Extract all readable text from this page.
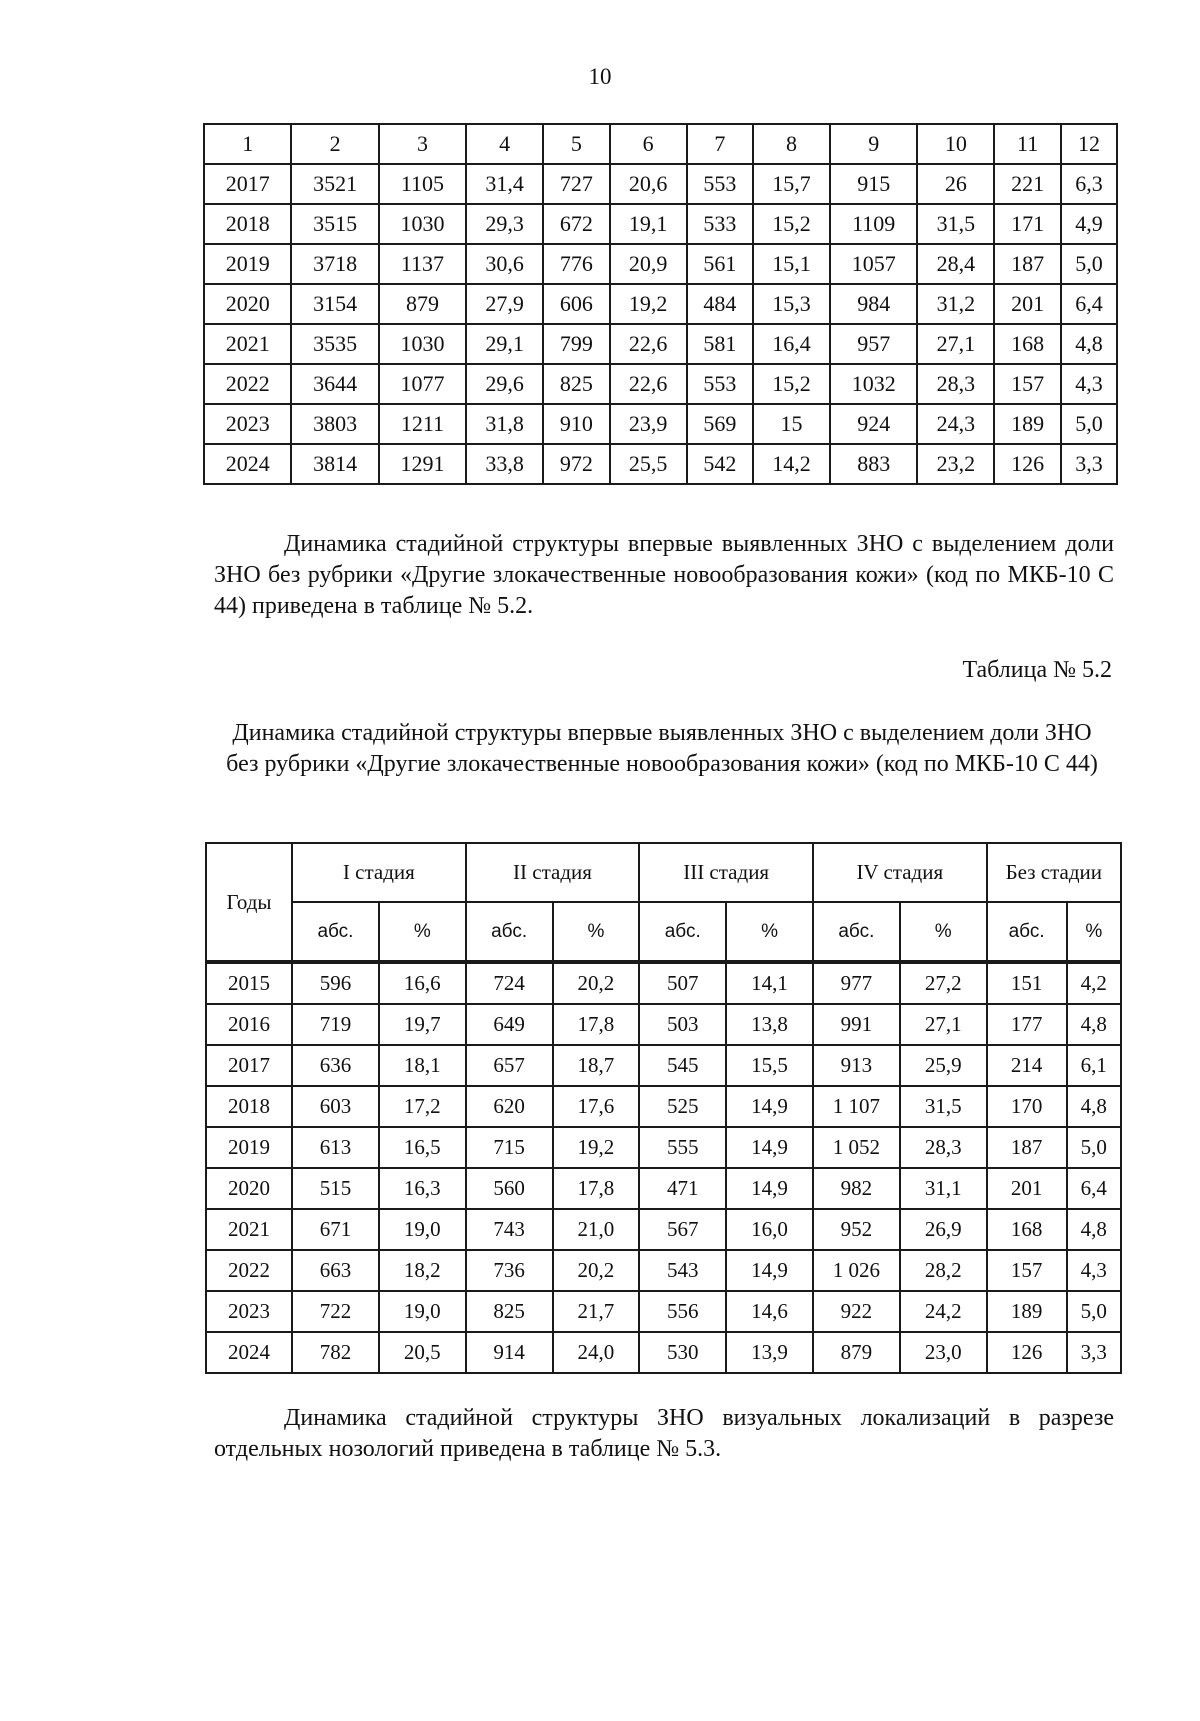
10
1	2	3	4	5	6	7	8	9	10	11	12
2017	3521	1105	31,4	727	20,6	553	15,7	915	26	221	6,3
2018	3515	1030	29,3	672	19,1	533	15,2	1109	31,5	171	4,9
2019	3718	1137	30,6	776	20,9	561	15,1	1057	28,4	187	5,0
2020	3154	879	27,9	606	19,2	484	15,3	984	31,2	201	6,4
2021	3535	1030	29,1	799	22,6	581	16,4	957	27,1	168	4,8
2022	3644	1077	29,6	825	22,6	553	15,2	1032	28,3	157	4,3
2023	3803	1211	31,8	910	23,9	569	15	924	24,3	189	5,0
2024	3814	1291	33,8	972	25,5	542	14,2	883	23,2	126	3,3

Динамика стадийной структуры впервые выявленных ЗНО с выделением доли ЗНО без рубрики «Другие злокачественные новообразования кожи» (код по МКБ-10 С 44) приведена в таблице № 5.2.

Таблица № 5.2

Динамика стадийной структуры впервые выявленных ЗНО с выделением доли ЗНО без рубрики «Другие злокачественные новообразования кожи» (код по МКБ-10 С 44)

Годы	I стадия		II стадия		III стадия		IV стадия		Без стадии	
	абс.	%	абс.	%	абс.	%	абс.	%	абс.	%
2015	596	16,6	724	20,2	507	14,1	977	27,2	151	4,2
2016	719	19,7	649	17,8	503	13,8	991	27,1	177	4,8
2017	636	18,1	657	18,7	545	15,5	913	25,9	214	6,1
2018	603	17,2	620	17,6	525	14,9	1 107	31,5	170	4,8
2019	613	16,5	715	19,2	555	14,9	1 052	28,3	187	5,0
2020	515	16,3	560	17,8	471	14,9	982	31,1	201	6,4
2021	671	19,0	743	21,0	567	16,0	952	26,9	168	4,8
2022	663	18,2	736	20,2	543	14,9	1 026	28,2	157	4,3
2023	722	19,0	825	21,7	556	14,6	922	24,2	189	5,0
2024	782	20,5	914	24,0	530	13,9	879	23,0	126	3,3

Динамика стадийной структуры ЗНО визуальных локализаций в разрезе отдельных нозологий приведена в таблице № 5.3.
